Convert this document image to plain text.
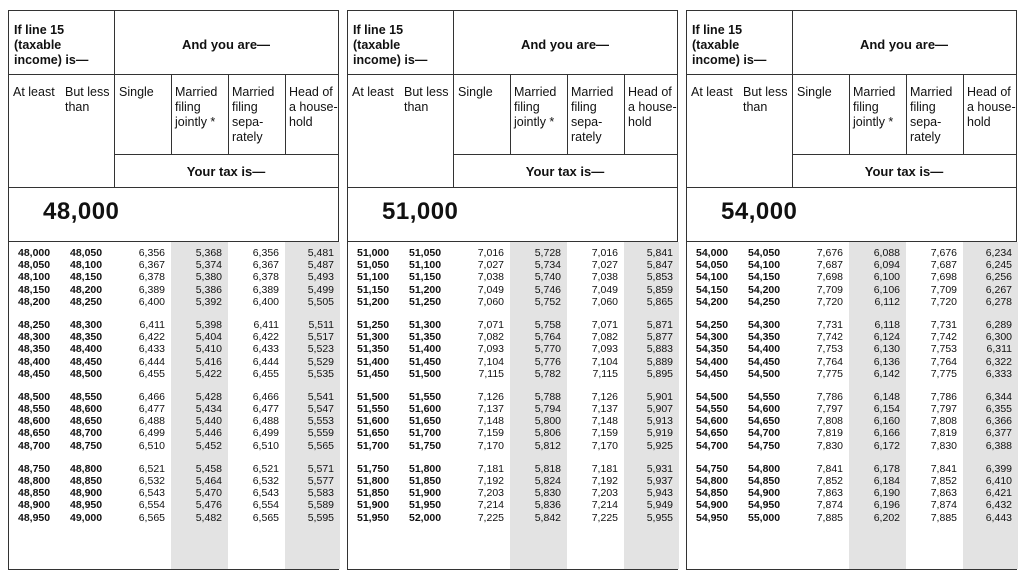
If line 15 (taxable income) is—
And you are—
At least But less than
Single	Married filing jointly *
Married filing sepa- rately
Head of a house- hold
Your tax is—
48,000
48,000 48,050	6,356	5,368	6,356	5,481
48,050 48,100	6,367	5,374	6,367	5,487
48,100 48,150	6,378	5,380	6,378	5,493
48,150 48,200	6,389	5,386	6,389	5,499
48,200 48,250	6,400	5,392	6,400	5,505
48,250 48,300	6,411	5,398	6,411	5,511
48,300 48,350	6,422	5,404	6,422	5,517
48,350 48,400	6,433	5,410	6,433	5,523
48,400 48,450	6,444	5,416	6,444	5,529
48,450 48,500	6,455	5,422	6,455	5,535
48,500 48,550	6,466	5,428	6,466	5,541
48,550 48,600	6,477	5,434	6,477	5,547
48,600 48,650	6,488	5,440	6,488	5,553
48,650 48,700	6,499	5,446	6,499	5,559
48,700 48,750	6,510	5,452	6,510	5,565
48,750 48,800	6,521	5,458	6,521	5,571
48,800 48,850	6,532	5,464	6,532	5,577
48,850 48,900	6,543	5,470	6,543	5,583
48,900 48,950	6,554	5,476	6,554	5,589
48,950 49,000	6,565	5,482	6,565	5,595
If line 15 (taxable income) is—
And you are—
At least But less than
Single	Married filing jointly *
Married filing sepa- rately
Head of a house- hold
Your tax is—
51,000
51,000 51,050	7,016	5,728	7,016	5,841
51,050 51,100	7,027	5,734	7,027	5,847
51,100 51,150	7,038	5,740	7,038	5,853
51,150 51,200	7,049	5,746	7,049	5,859
51,200 51,250	7,060	5,752	7,060	5,865
51,250 51,300	7,071	5,758	7,071	5,871
51,300 51,350	7,082	5,764	7,082	5,877
51,350 51,400	7,093	5,770	7,093	5,883
51,400 51,450	7,104	5,776	7,104	5,889
51,450 51,500	7,115	5,782	7,115	5,895
51,500 51,550	7,126	5,788	7,126	5,901
51,550 51,600	7,137	5,794	7,137	5,907
51,600 51,650	7,148	5,800	7,148	5,913
51,650 51,700	7,159	5,806	7,159	5,919
51,700 51,750	7,170	5,812	7,170	5,925
51,750 51,800	7,181	5,818	7,181	5,931
51,800 51,850	7,192	5,824	7,192	5,937
51,850 51,900	7,203	5,830	7,203	5,943
51,900 51,950	7,214	5,836	7,214	5,949
51,950 52,000	7,225	5,842	7,225	5,955
If line 15 (taxable income) is—
And you are—
At least But less than
Single	Married filing jointly *
Married filing sepa- rately
Head of a house- hold
Your tax is—
54,000
54,000 54,050	7,676	6,088	7,676	6,234
54,050 54,100	7,687	6,094	7,687	6,245
54,100 54,150	7,698	6,100	7,698	6,256
54,150 54,200	7,709	6,106	7,709	6,267
54,200 54,250	7,720	6,112	7,720	6,278
54,250 54,300	7,731	6,118	7,731	6,289
54,300 54,350	7,742	6,124	7,742	6,300
54,350 54,400	7,753	6,130	7,753	6,311
54,400 54,450	7,764	6,136	7,764	6,322
54,450 54,500	7,775	6,142	7,775	6,333
54,500 54,550	7,786	6,148	7,786	6,344
54,550 54,600	7,797	6,154	7,797	6,355
54,600 54,650	7,808	6,160	7,808	6,366
54,650 54,700	7,819	6,166	7,819	6,377
54,700 54,750	7,830	6,172	7,830	6,388
54,750 54,800	7,841	6,178	7,841	6,399
54,800 54,850	7,852	6,184	7,852	6,410
54,850 54,900	7,863	6,190	7,863	6,421
54,900 54,950	7,874	6,196	7,874	6,432
54,950 55,000	7,885	6,202	7,885	6,443
